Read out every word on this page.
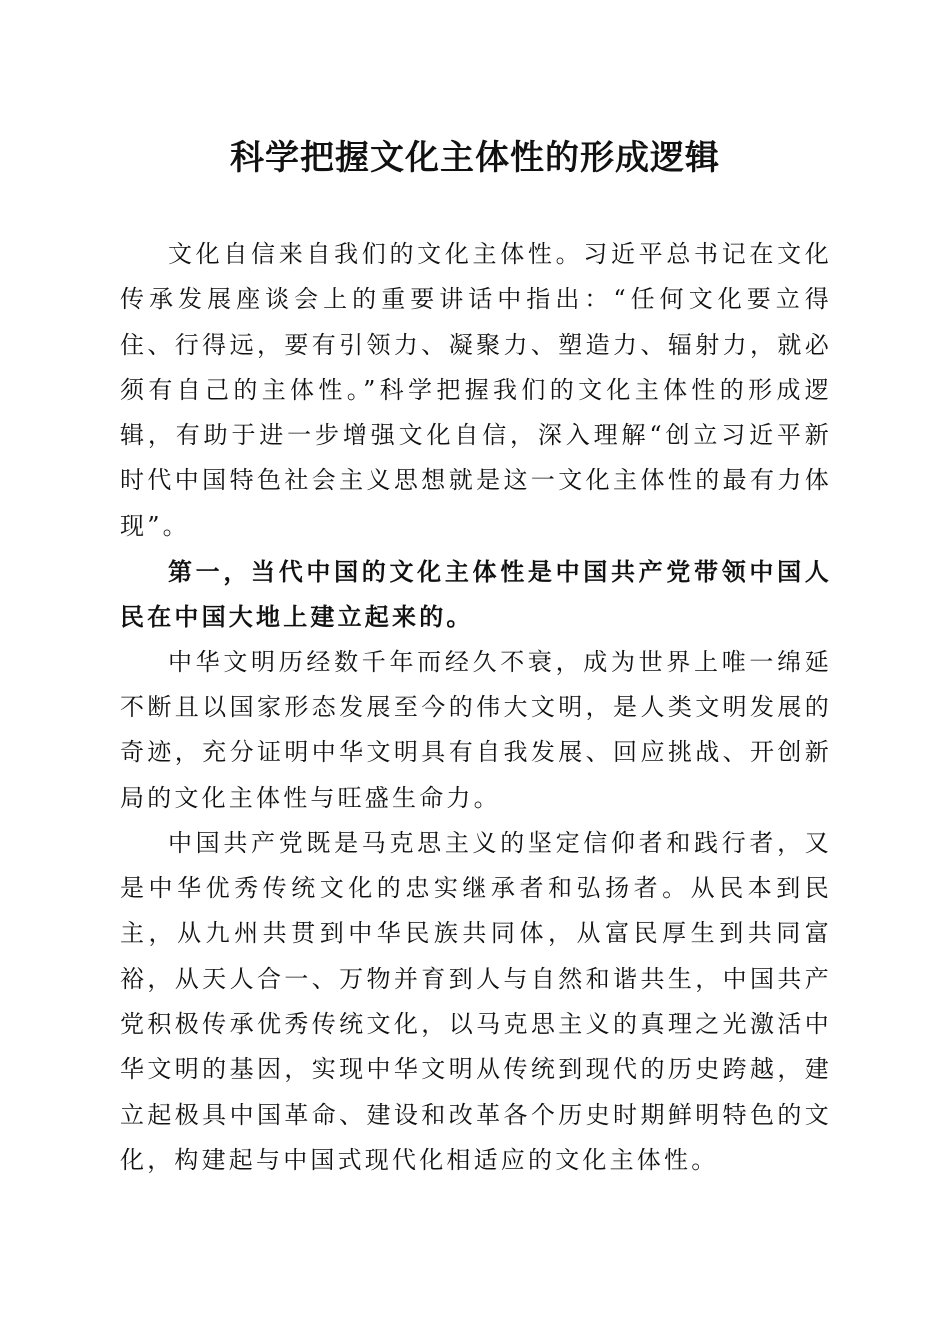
科学把握文化主体性的形成逻辑

文化自信来自我们的文化主体性。习近平总书记在文化传承发展座谈会上的重要讲话中指出：“任何文化要立得住、行得远，要有引领力、凝聚力、塑造力、辐射力，就必须有自己的主体性。”科学把握我们的文化主体性的形成逻辑，有助于进一步增强文化自信，深入理解“创立习近平新时代中国特色社会主义思想就是这一文化主体性的最有力体现”。

第一，当代中国的文化主体性是中国共产党带领中国人民在中国大地上建立起来的。

中华文明历经数千年而经久不衰，成为世界上唯一绵延不断且以国家形态发展至今的伟大文明，是人类文明发展的奇迹，充分证明中华文明具有自我发展、回应挑战、开创新局的文化主体性与旺盛生命力。

中国共产党既是马克思主义的坚定信仰者和践行者，又是中华优秀传统文化的忠实继承者和弘扬者。从民本到民主，从九州共贯到中华民族共同体，从富民厚生到共同富裕，从天人合一、万物并育到人与自然和谐共生，中国共产党积极传承优秀传统文化，以马克思主义的真理之光激活中华文明的基因，实现中华文明从传统到现代的历史跨越，建立起极具中国革命、建设和改革各个历史时期鲜明特色的文化，构建起与中国式现代化相适应的文化主体性。
